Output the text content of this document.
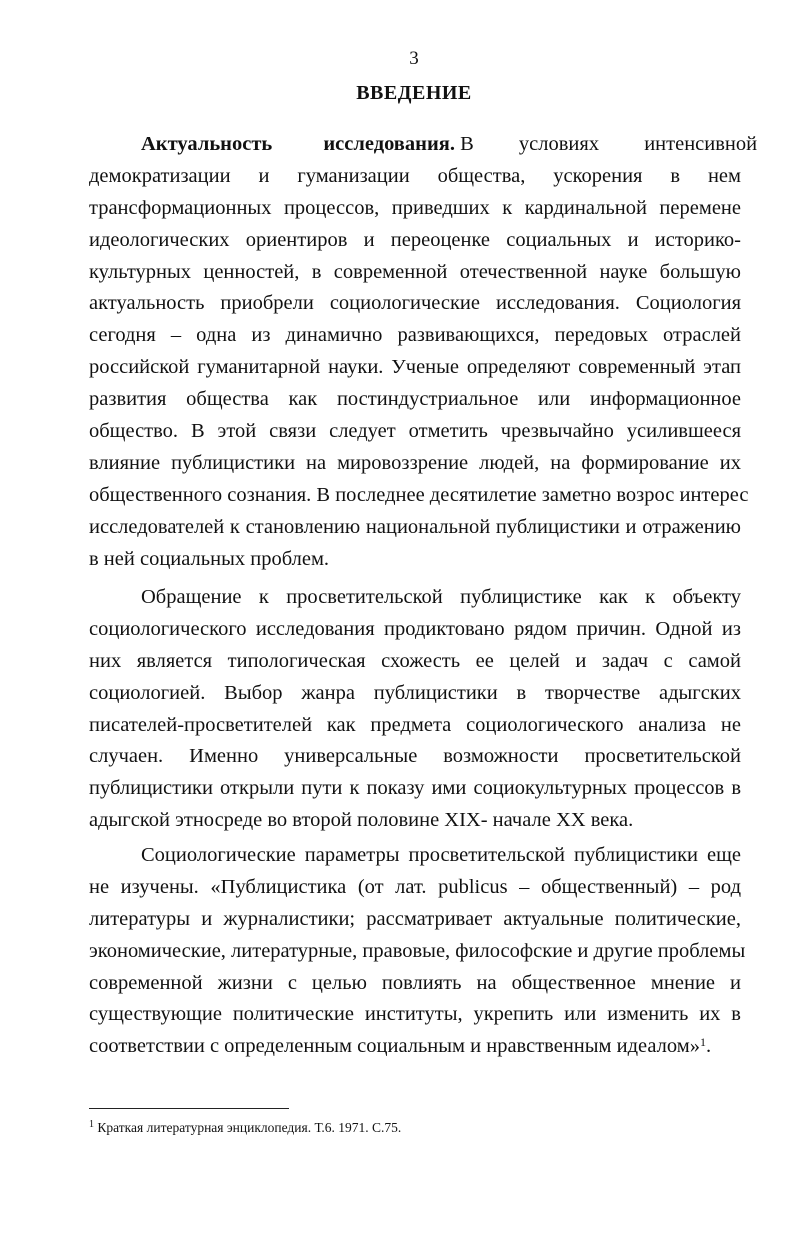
3
ВВЕДЕНИЕ
Актуальность исследования. В условиях интенсивной
демократизации и гуманизации общества, ускорения в нем
трансформационных процессов, приведших к кардинальной перемене
идеологических ориентиров и переоценке социальных и историко-
культурных ценностей, в современной отечественной науке большую
актуальность приобрели социологические исследования. Социология
сегодня – одна из динамично развивающихся, передовых отраслей
российской гуманитарной науки. Ученые определяют современный этап
развития общества как постиндустриальное или информационное
общество. В этой связи следует отметить чрезвычайно усилившееся
влияние публицистики на мировоззрение людей, на формирование их
общественного сознания. В последнее десятилетие заметно возрос интерес
исследователей к становлению национальной публицистики и отражению
в ней социальных проблем.
Обращение к просветительской публицистике как к объекту
социологического исследования продиктовано рядом причин. Одной из
них является типологическая схожесть ее целей и задач с самой
социологией. Выбор жанра публицистики в творчестве адыгских
писателей-просветителей как предмета социологического анализа не
случаен. Именно универсальные возможности просветительской
публицистики открыли пути к показу ими социокультурных процессов в
адыгской этносреде во второй половине XIX- начале XX века.
Социологические параметры просветительской публицистики еще
не изучены. «Публицистика (от лат. publicus – общественный) – род
литературы и журналистики; рассматривает актуальные политические,
экономические, литературные, правовые, философские и другие проблемы
современной жизни с целью повлиять на общественное мнение и
существующие политические институты, укрепить или изменить их в
соответствии с определенным социальным и нравственным идеалом»$^1$.
$^1$ Краткая литературная энциклопедия. Т.6. 1971. С.75.
